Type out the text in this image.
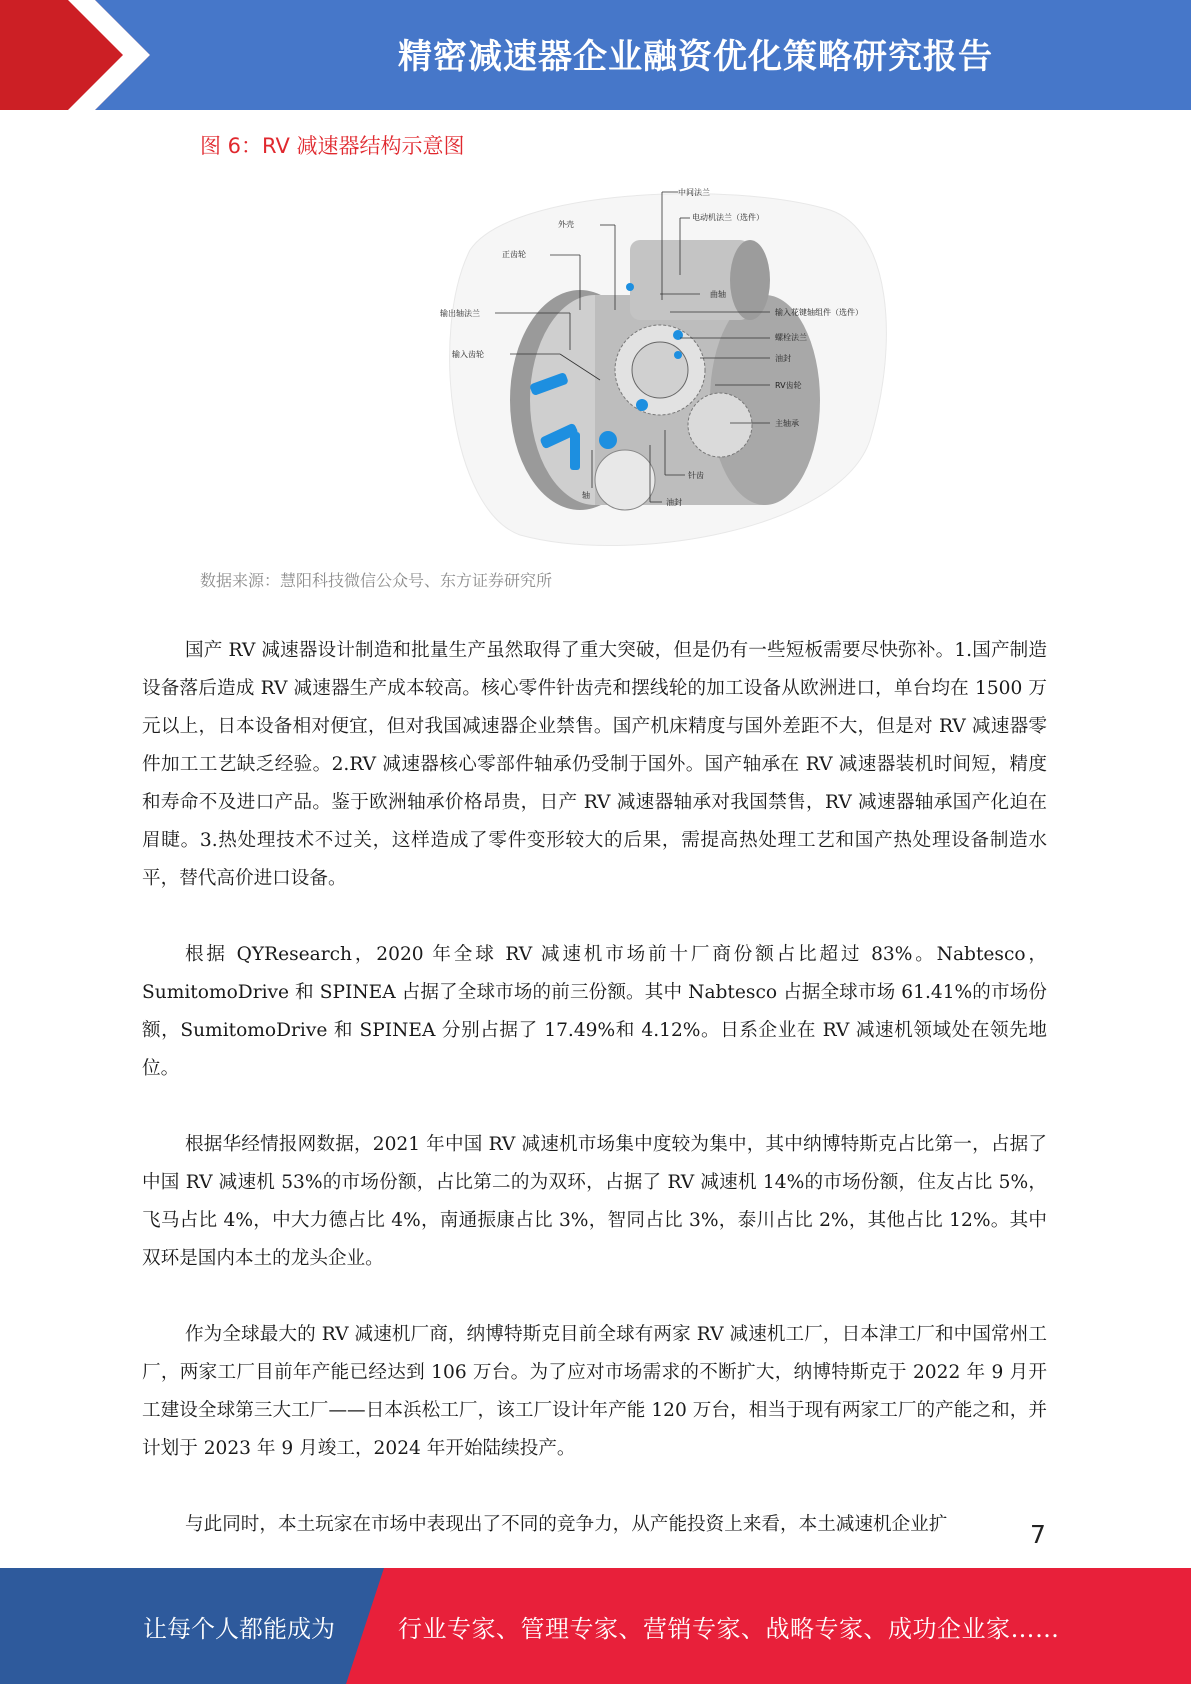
精密减速器企业融资优化策略研究报告
图 6：RV 减速器结构示意图
中间法兰
电动机法兰（选件）
外壳
正齿轮
曲轴
输出轴法兰	输入花键轴组件（选件）
螺栓法兰
输入齿轮	油封
RV齿轮
主轴承
针齿
轴
油封
数据来源：慧阳科技微信公众号、东方证券研究所

国产 RV 减速器设计制造和批量生产虽然取得了重大突破，但是仍有一些短板需要尽快弥补。1.国产制造设备落后造成 RV 减速器生产成本较高。核心零件针齿壳和摆线轮的加工设备从欧洲进口，单台均在 1500 万元以上，日本设备相对便宜，但对我国减速器企业禁售。国产机床精度与国外差距不大，但是对 RV 减速器零件加工工艺缺乏经验。2.RV 减速器核心零部件轴承仍受制于国外。国产轴承在 RV 减速器装机时间短，精度和寿命不及进口产品。鉴于欧洲轴承价格昂贵，日产 RV 减速器轴承对我国禁售，RV 减速器轴承国产化迫在眉睫。3.热处理技术不过关，这样造成了零件变形较大的后果，需提高热处理工艺和国产热处理设备制造水平，替代高价进口设备。

根据 QYResearch，2020 年全球 RV 减速机市场前十厂商份额占比超过 83%。Nabtesco，SumitomoDrive 和 SPINEA 占据了全球市场的前三份额。其中 Nabtesco 占据全球市场 61.41%的市场份额，SumitomoDrive 和 SPINEA 分别占据了 17.49%和 4.12%。日系企业在 RV 减速机领域处在领先地位。

根据华经情报网数据，2021 年中国 RV 减速机市场集中度较为集中，其中纳博特斯克占比第一，占据了中国 RV 减速机 53%的市场份额，占比第二的为双环，占据了 RV 减速机 14%的市场份额，住友占比 5%，飞马占比 4%，中大力德占比 4%，南通振康占比 3%，智同占比 3%，泰川占比 2%，其他占比 12%。其中双环是国内本土的龙头企业。

作为全球最大的 RV 减速机厂商，纳博特斯克目前全球有两家 RV 减速机工厂，日本津工厂和中国常州工厂，两家工厂目前年产能已经达到 106 万台。为了应对市场需求的不断扩大，纳博特斯克于 2022 年 9 月开工建设全球第三大工厂——日本浜松工厂，该工厂设计年产能 120 万台，相当于现有两家工厂的产能之和，并计划于 2023 年 9 月竣工，2024 年开始陆续投产。

与此同时，本土玩家在市场中表现出了不同的竞争力，从产能投资上来看，本土减速机企业扩	7
让每个人都能成为	行业专家、管理专家、营销专家、战略专家、成功企业家……
